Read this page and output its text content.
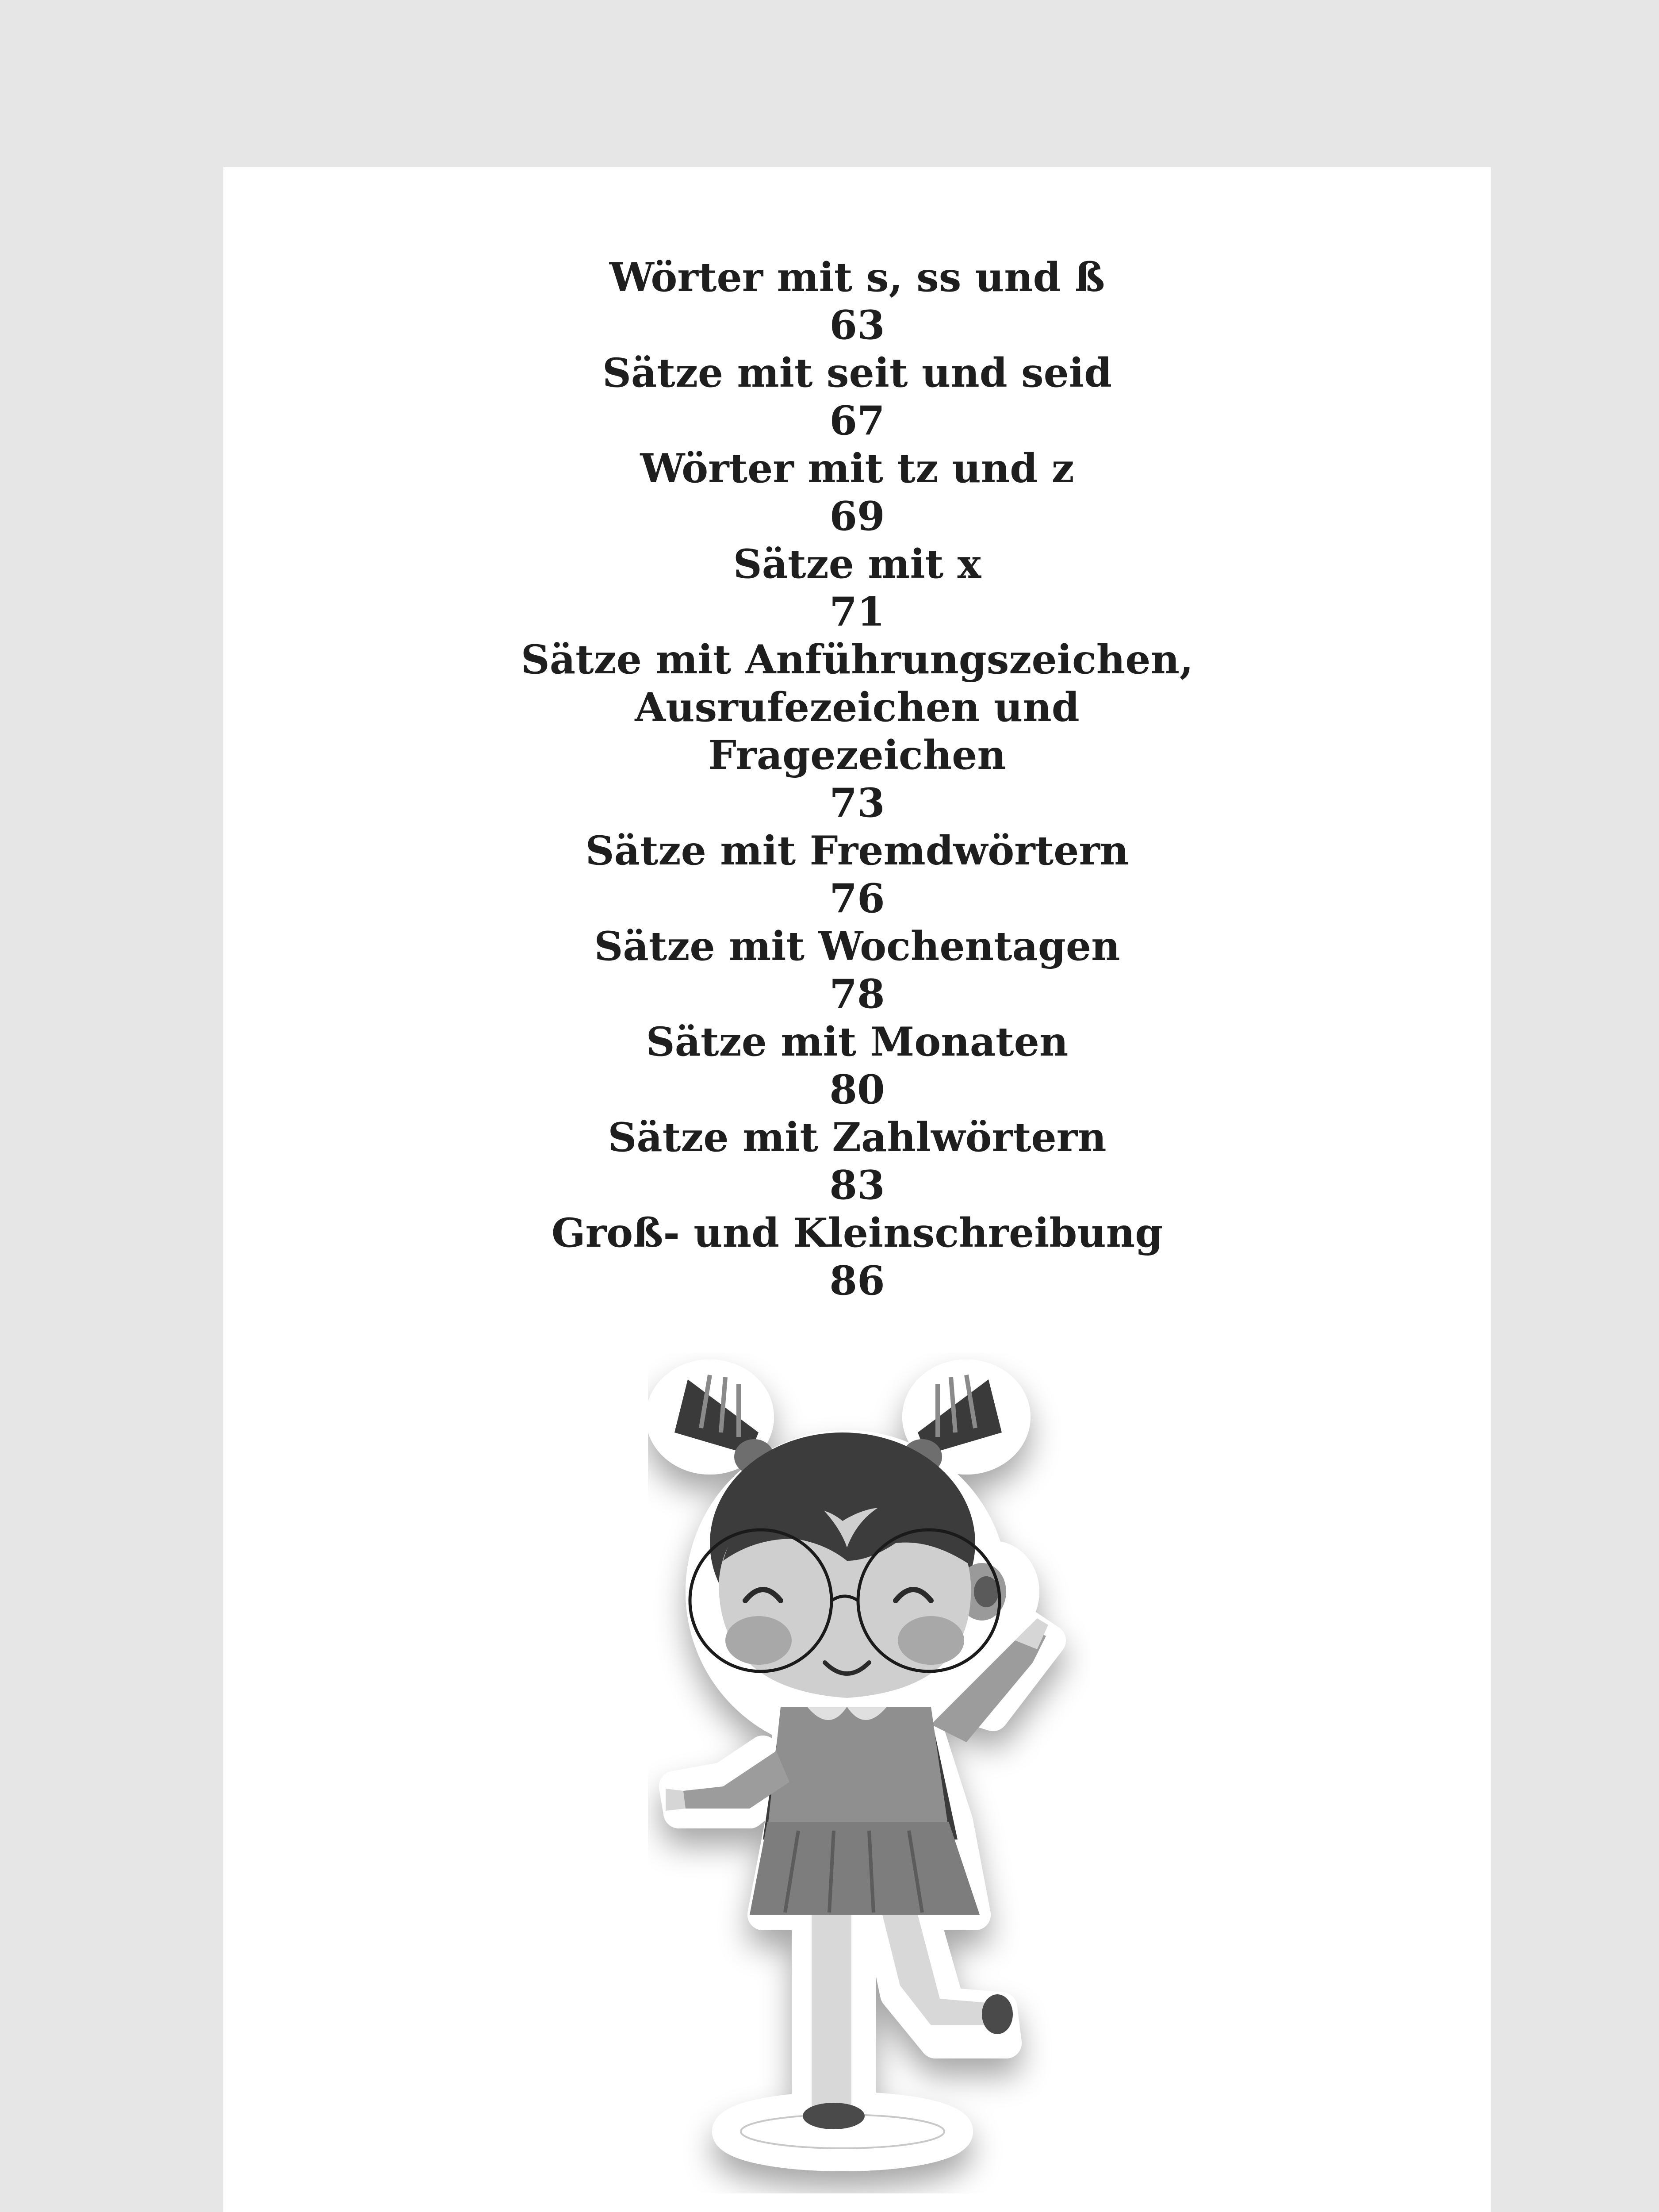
Wörter mit s, ss und ß
63
Sätze mit seit und seid
67
Wörter mit tz und z
69
Sätze mit x
71
Sätze mit Anführungszeichen,
Ausrufezeichen und
Fragezeichen
73
Sätze mit Fremdwörtern
76
Sätze mit Wochentagen
78
Sätze mit Monaten
80
Sätze mit Zahlwörtern
83
Groß- und Kleinschreibung
86
